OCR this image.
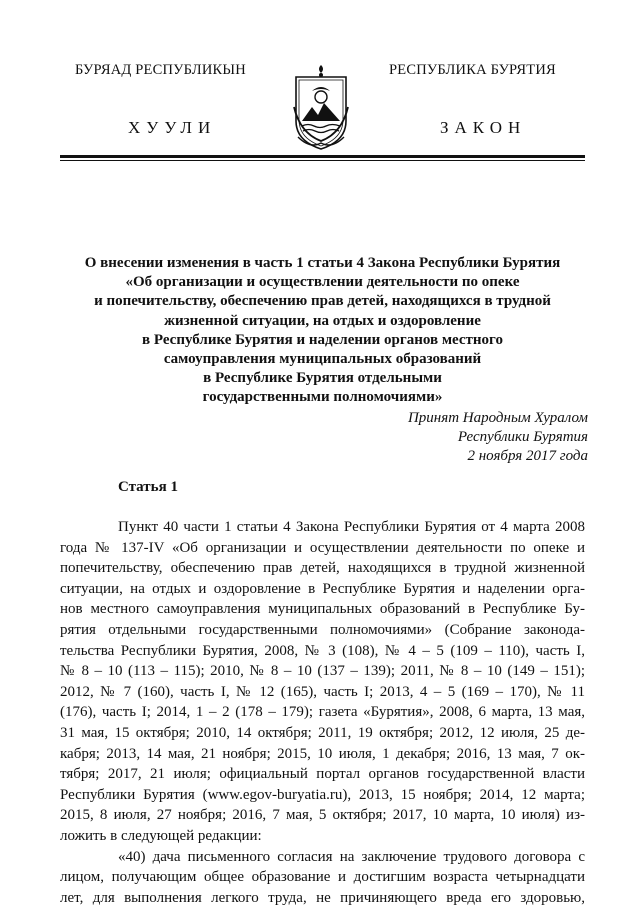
БУРЯАД РЕСПУБЛИКЫН
ХУУЛИ
РЕСПУБЛИКА БУРЯТИЯ
ЗАКОН
О внесении изменения в часть 1 статьи 4 Закона Республики Бурятия
«Об организации и осуществлении деятельности по опеке
и попечительству, обеспечению прав детей, находящихся в трудной
жизненной ситуации, на отдых и оздоровление
в Республике Бурятия и наделении органов местного
самоуправления муниципальных образований
в Республике Бурятия отдельными
государственными полномочиями»
Принят Народным Хуралом
Республики Бурятия
2 ноября 2017 года
Статья 1
Пункт 40 части 1 статьи 4 Закона Республики Бурятия от 4 марта 2008
года № 137-IV «Об организации и осуществлении деятельности по опеке и
попечительству, обеспечению прав детей, находящихся в трудной жизненной
ситуации, на отдых и оздоровление в Республике Бурятия и наделении орга-
нов местного самоуправления муниципальных образований в Республике Бу-
рятия отдельными государственными полномочиями» (Собрание законода-
тельства Республики Бурятия, 2008, № 3 (108), № 4 – 5 (109 – 110), часть I,
№ 8 – 10 (113 – 115); 2010, № 8 – 10 (137 – 139); 2011, № 8 – 10 (149 – 151);
2012, № 7 (160), часть I, № 12 (165), часть I; 2013, 4 – 5 (169 – 170), № 11
(176), часть I; 2014, 1 – 2 (178 – 179); газета «Бурятия», 2008, 6 марта, 13 мая,
31 мая, 15 октября; 2010, 14 октября; 2011, 19 октября; 2012, 12 июля, 25 де-
кабря; 2013, 14 мая, 21 ноября; 2015, 10 июля, 1 декабря; 2016, 13 мая, 7 ок-
тября; 2017, 21 июля; официальный портал органов государственной власти
Республики Бурятия (www.egov-buryatia.ru), 2013, 15 ноября; 2014, 12 марта;
2015, 8 июля, 27 ноября; 2016, 7 мая, 5 октября; 2017, 10 марта, 10 июля) из-
ложить в следующей редакции:
«40) дача письменного согласия на заключение трудового договора с
лицом, получающим общее образование и достигшим возраста четырнадцати
лет, для выполнения легкого труда, не причиняющего вреда его здоровью,
